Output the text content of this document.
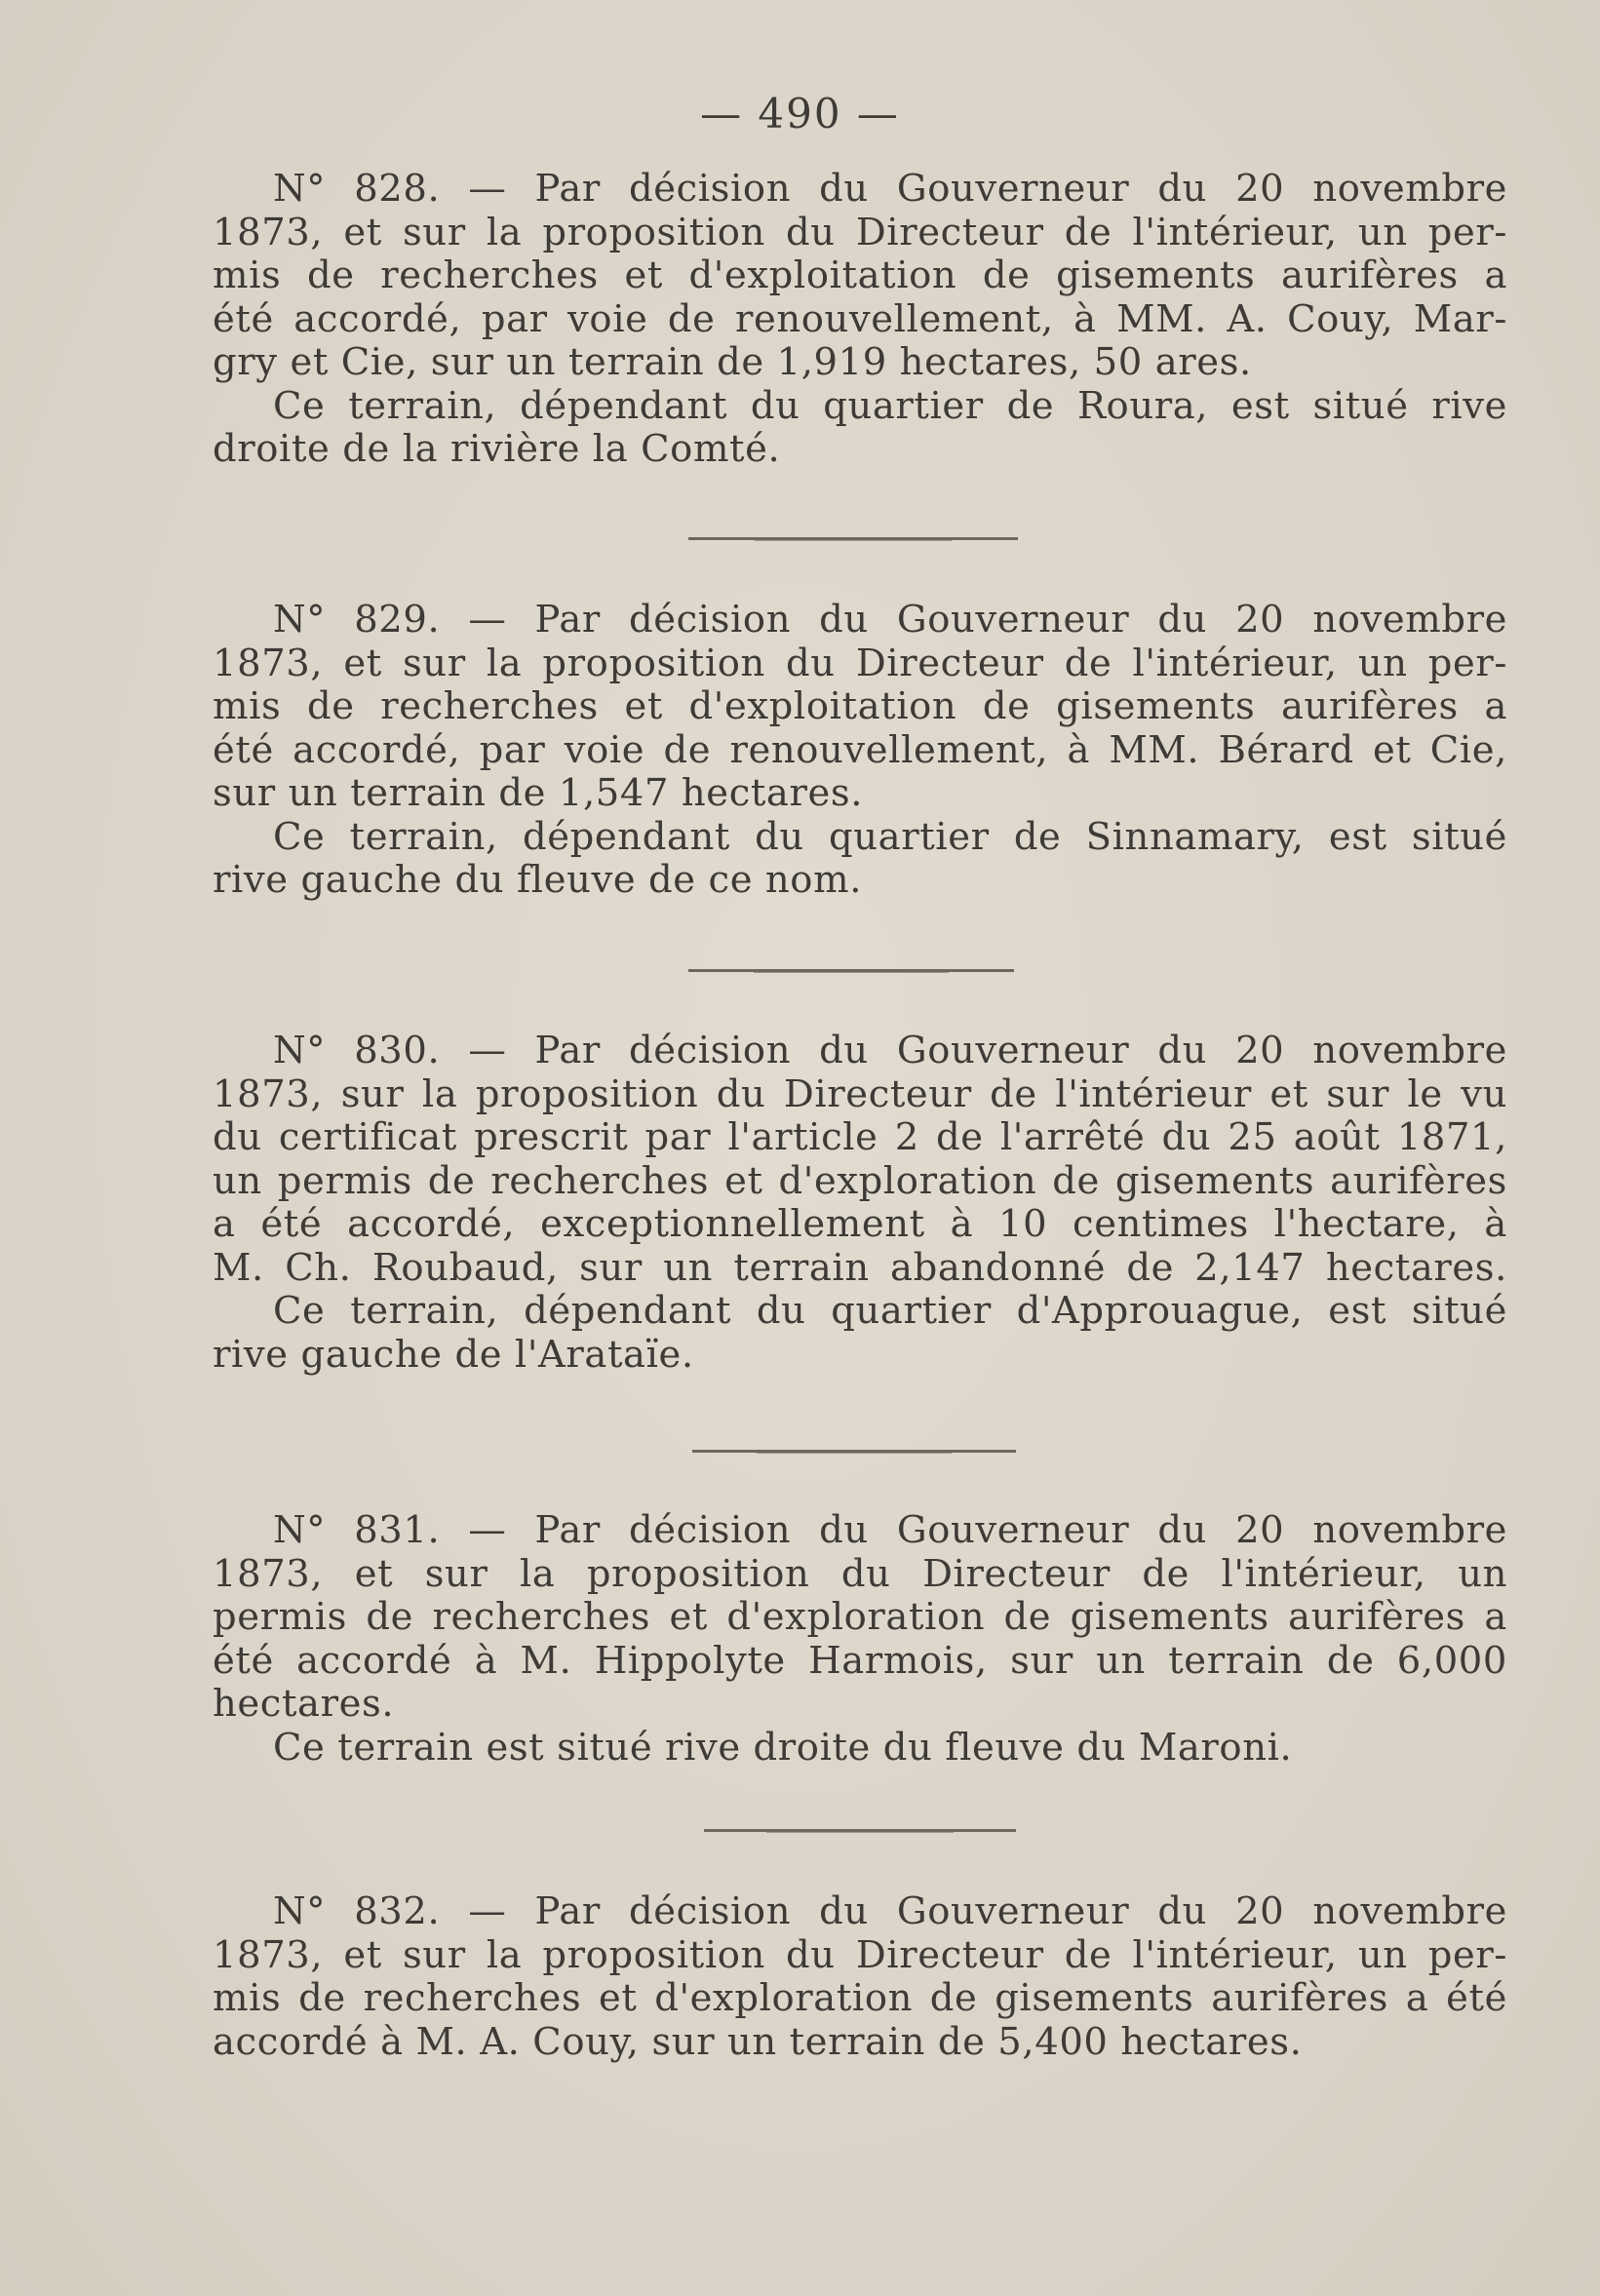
— 490 —
N° 828. — Par décision du Gouverneur du 20 novembre
1873, et sur la proposition du Directeur de l'intérieur, un per-
mis de recherches et d'exploitation de gisements aurifères a
été accordé, par voie de renouvellement, à MM. A. Couy, Mar-
gry et Cie, sur un terrain de 1,919 hectares, 50 ares.
Ce terrain, dépendant du quartier de Roura, est situé rive
droite de la rivière la Comté.
N° 829. — Par décision du Gouverneur du 20 novembre
1873, et sur la proposition du Directeur de l'intérieur, un per-
mis de recherches et d'exploitation de gisements aurifères a
été accordé, par voie de renouvellement, à MM. Bérard et Cie,
sur un terrain de 1,547 hectares.
Ce terrain, dépendant du quartier de Sinnamary, est situé
rive gauche du fleuve de ce nom.
N° 830. — Par décision du Gouverneur du 20 novembre
1873, sur la proposition du Directeur de l'intérieur et sur le vu
du certificat prescrit par l'article 2 de l'arrêté du 25 août 1871,
un permis de recherches et d'exploration de gisements aurifères
a été accordé, exceptionnellement à 10 centimes l'hectare, à
M. Ch. Roubaud, sur un terrain abandonné de 2,147 hectares.
Ce terrain, dépendant du quartier d'Approuague, est situé
rive gauche de l'Arataïe.
N° 831. — Par décision du Gouverneur du 20 novembre
1873, et sur la proposition du Directeur de l'intérieur, un
permis de recherches et d'exploration de gisements aurifères a
été accordé à M. Hippolyte Harmois, sur un terrain de 6,000
hectares.
Ce terrain est situé rive droite du fleuve du Maroni.
N° 832. — Par décision du Gouverneur du 20 novembre
1873, et sur la proposition du Directeur de l'intérieur, un per-
mis de recherches et d'exploration de gisements aurifères a été
accordé à M. A. Couy, sur un terrain de 5,400 hectares.
